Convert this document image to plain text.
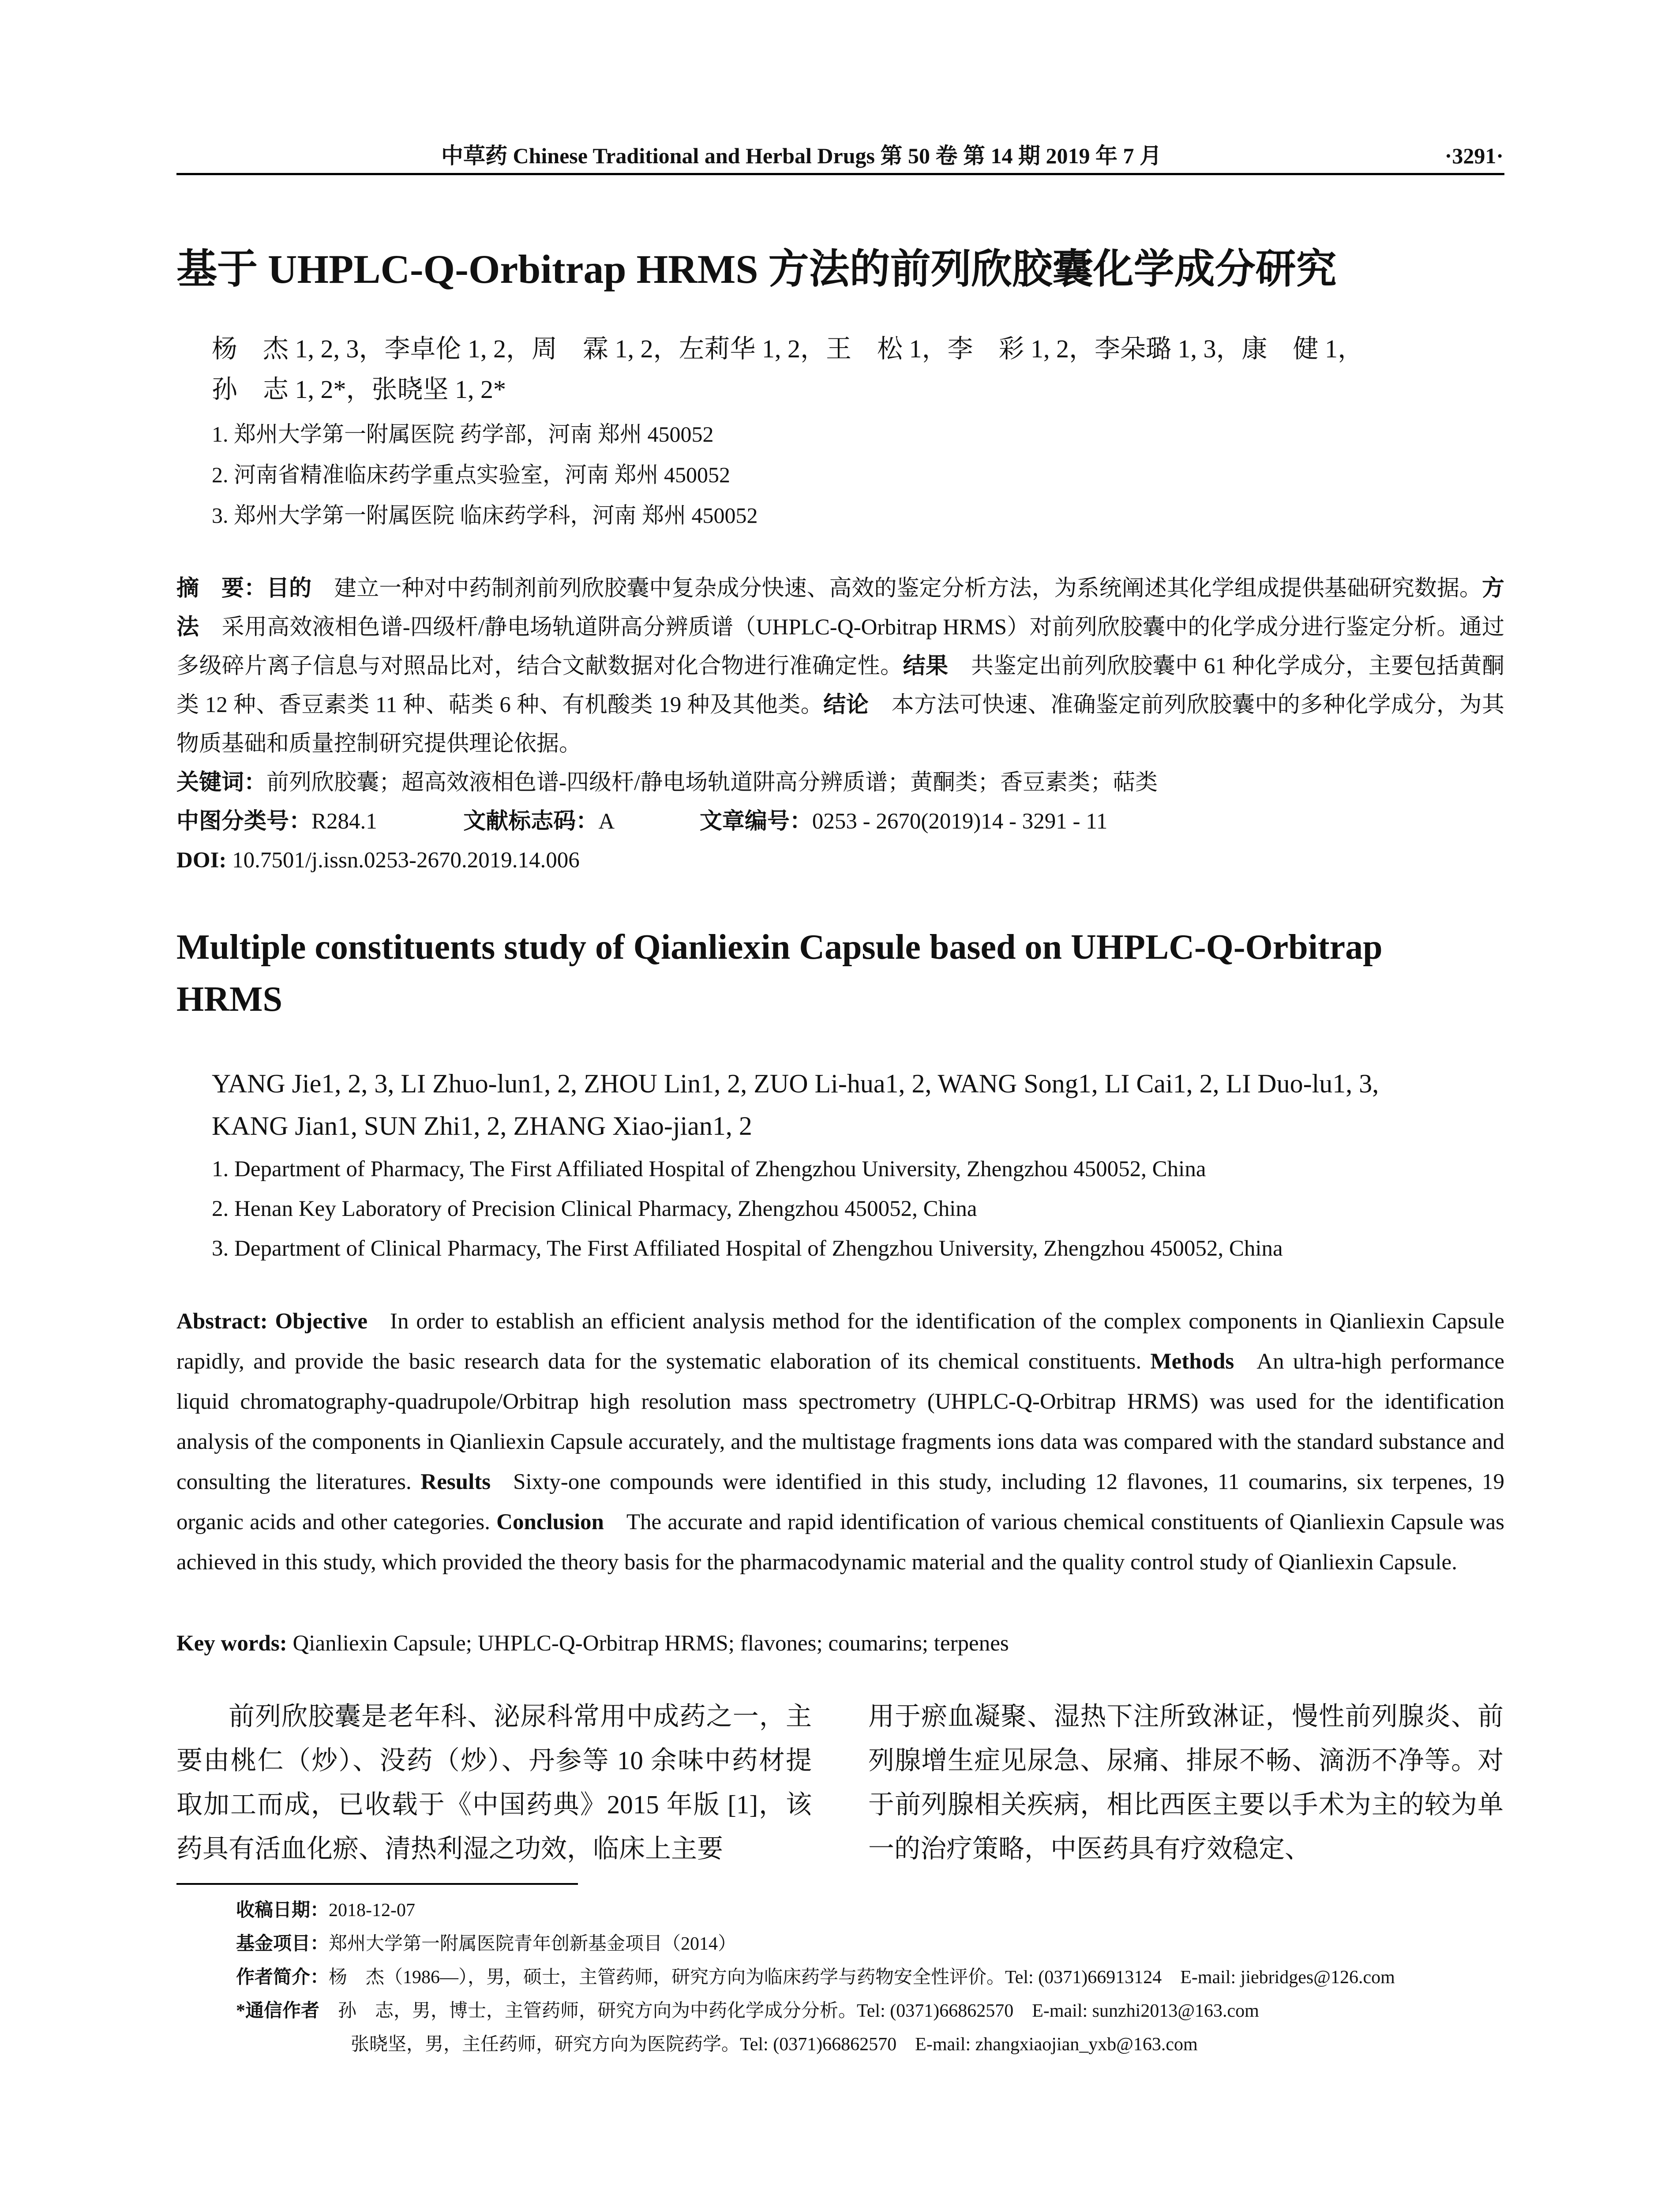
中草药 Chinese Traditional and Herbal Drugs 第 50 卷 第 14 期 2019 年 7 月	·3291·
基于 UHPLC-Q-Orbitrap HRMS 方法的前列欣胶囊化学成分研究
杨　杰 1, 2, 3，李卓伦 1, 2，周　霖 1, 2，左莉华 1, 2，王　松 1，李　彩 1, 2，李朵璐 1, 3，康　健 1，
孙　志 1, 2*，张晓坚 1, 2*
1. 郑州大学第一附属医院 药学部，河南 郑州 450052
2. 河南省精准临床药学重点实验室，河南 郑州 450052
3. 郑州大学第一附属医院 临床药学科，河南 郑州 450052
摘　要：目的　 建立一种对中药制剂前列欣胶囊中复杂成分快速、高效的鉴定分析方法，为系统阐述其化学组成提供基础研究数据。方法　 采用高效液相色谱-四级杆/静电场轨道阱高分辨质谱（UHPLC-Q-Orbitrap HRMS）对前列欣胶囊中的化学成分进行鉴定分析。通过多级碎片离子信息与对照品比对，结合文献数据对化合物进行准确定性。结果　 共鉴定出前列欣胶囊中 61 种化学成分，主要包括黄酮类 12 种、香豆素类 11 种、萜类 6 种、有机酸类 19 种及其他类。结论　 本方法可快速、准确鉴定前列欣胶囊中的多种化学成分，为其物质基础和质量控制研究提供理论依据。
关键词：前列欣胶囊；超高效液相色谱-四级杆/静电场轨道阱高分辨质谱；黄酮类；香豆素类；萜类
中图分类号：R284.1	文献标志码：A	文章编号：0253 - 2670(2019)14 - 3291 - 11
DOI: 10.7501/j.issn.0253-2670.2019.14.006
Multiple constituents study of Qianliexin Capsule based on UHPLC-Q-Orbitrap
HRMS
YANG Jie1, 2, 3, LI Zhuo-lun1, 2, ZHOU Lin1, 2, ZUO Li-hua1, 2, WANG Song1, LI Cai1, 2, LI Duo-lu1, 3,
KANG Jian1, SUN Zhi1, 2, ZHANG Xiao-jian1, 2
1. Department of Pharmacy, The First Affiliated Hospital of Zhengzhou University, Zhengzhou 450052, China
2. Henan Key Laboratory of Precision Clinical Pharmacy, Zhengzhou 450052, China
3. Department of Clinical Pharmacy, The First Affiliated Hospital of Zhengzhou University, Zhengzhou 450052, China
Abstract: Objective  In order to establish an efficient analysis method for the identification of the complex components in Qianliexin Capsule rapidly, and provide the basic research data for the systematic elaboration of its chemical constituents. Methods  An ultra-high performance liquid chromatography-quadrupole/Orbitrap high resolution mass spectrometry (UHPLC-Q-Orbitrap HRMS) was used for the identification analysis of the components in Qianliexin Capsule accurately, and the multistage fragments ions data was compared with the standard substance and consulting the literatures. Results  Sixty-one compounds were identified in this study, including 12 flavones, 11 coumarins, six terpenes, 19 organic acids and other categories. Conclusion  The accurate and rapid identification of various chemical constituents of Qianliexin Capsule was achieved in this study, which provided the theory basis for the pharmacodynamic material and the quality control study of Qianliexin Capsule.
Key words: Qianliexin Capsule; UHPLC-Q-Orbitrap HRMS; flavones; coumarins; terpenes
前列欣胶囊是老年科、泌尿科常用中成药之一，主要由桃仁（炒）、没药（炒）、丹参等 10 余味中药材提取加工而成，已收载于《中国药典》2015 年版 [1]，该药具有活血化瘀、清热利湿之功效，临床上主要
用于瘀血凝聚、湿热下注所致淋证，慢性前列腺炎、前列腺增生症见尿急、尿痛、排尿不畅、滴沥不净等。对于前列腺相关疾病，相比西医主要以手术为主的较为单一的治疗策略，中医药具有疗效稳定、
收稿日期：2018-12-07
基金项目：郑州大学第一附属医院青年创新基金项目（2014）
作者简介：杨　杰（1986—），男，硕士，主管药师，研究方向为临床药学与药物安全性评价。Tel: (0371)66913124　E-mail: jiebridges@126.com
*通信作者　 孙　志，男，博士，主管药师，研究方向为中药化学成分分析。Tel: (0371)66862570　E-mail: sunzhi2013@163.com
张晓坚，男，主任药师，研究方向为医院药学。Tel: (0371)66862570　E-mail: zhangxiaojian_yxb@163.com
